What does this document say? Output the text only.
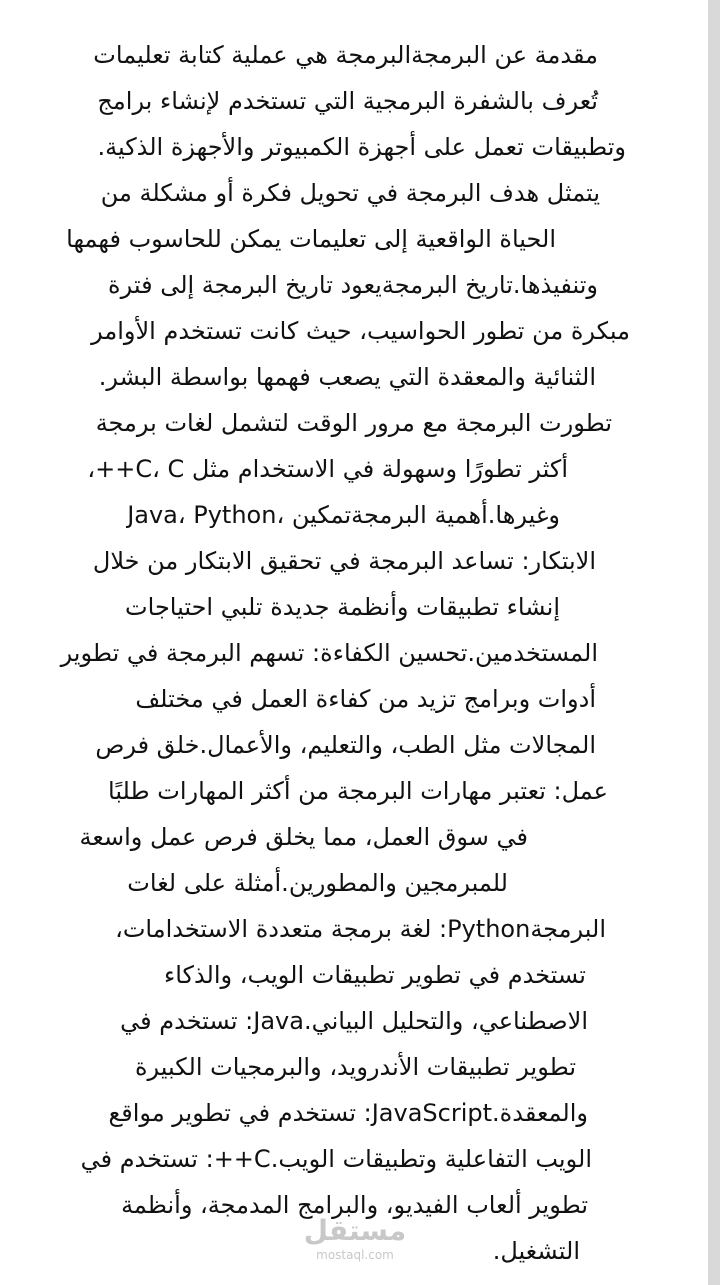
مقدمة عن البرمجةالبرمجة هي عملية كتابة تعليمات
تُعرف بالشفرة البرمجية التي تستخدم لإنشاء برامج
وتطبيقات تعمل على أجهزة الكمبيوتر والأجهزة الذكية.
يتمثل هدف البرمجة في تحويل فكرة أو مشكلة من
الحياة الواقعية إلى تعليمات يمكن للحاسوب فهمها
وتنفيذها.تاريخ البرمجةيعود تاريخ البرمجة إلى فترة
مبكرة من تطور الحواسيب، حيث كانت تستخدم الأوامر
الثنائية والمعقدة التي يصعب فهمها بواسطة البشر.
تطورت البرمجة مع مرور الوقت لتشمل لغات برمجة
أكثر تطورًا وسهولة في الاستخدام مثل C، C++،
Java، Python، وغيرها.أهمية البرمجةتمكين
الابتكار: تساعد البرمجة في تحقيق الابتكار من خلال
إنشاء تطبيقات وأنظمة جديدة تلبي احتياجات
المستخدمين.تحسين الكفاءة: تسهم البرمجة في تطوير
أدوات وبرامج تزيد من كفاءة العمل في مختلف
المجالات مثل الطب، والتعليم، والأعمال.خلق فرص
عمل: تعتبر مهارات البرمجة من أكثر المهارات طلبًا
في سوق العمل، مما يخلق فرص عمل واسعة
للمبرمجين والمطورين.أمثلة على لغات
البرمجةPython: لغة برمجة متعددة الاستخدامات،
تستخدم في تطوير تطبيقات الويب، والذكاء
الاصطناعي، والتحليل البياني.Java: تستخدم في
تطوير تطبيقات الأندرويد، والبرمجيات الكبيرة
والمعقدة.JavaScript: تستخدم في تطوير مواقع
الويب التفاعلية وتطبيقات الويب.C++: تستخدم في
تطوير ألعاب الفيديو، والبرامج المدمجة، وأنظمة
التشغيل.
مستقل
mostaql.com
